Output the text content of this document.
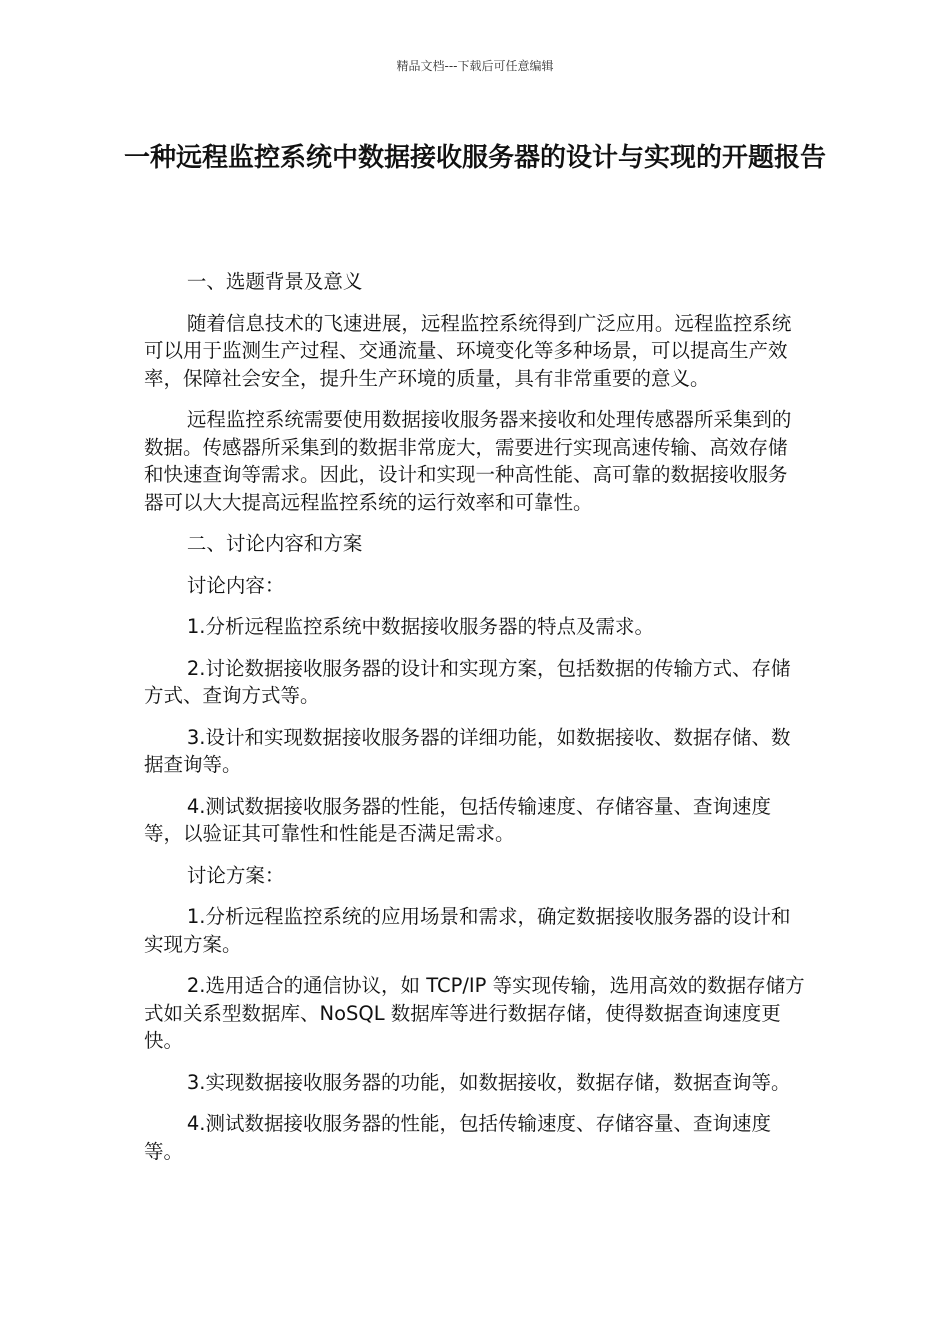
精品文档---下载后可任意编辑
一种远程监控系统中数据接收服务器的设计与实现的开题报告

一、选题背景及意义

随着信息技术的飞速进展，远程监控系统得到广泛应用。远程监控系统可以用于监测生产过程、交通流量、环境变化等多种场景，可以提高生产效率，保障社会安全，提升生产环境的质量，具有非常重要的意义。

远程监控系统需要使用数据接收服务器来接收和处理传感器所采集到的数据。传感器所采集到的数据非常庞大，需要进行实现高速传输、高效存储和快速查询等需求。因此，设计和实现一种高性能、高可靠的数据接收服务器可以大大提高远程监控系统的运行效率和可靠性。

二、讨论内容和方案

讨论内容：

1.分析远程监控系统中数据接收服务器的特点及需求。

2.讨论数据接收服务器的设计和实现方案，包括数据的传输方式、存储方式、查询方式等。

3.设计和实现数据接收服务器的详细功能，如数据接收、数据存储、数据查询等。

4.测试数据接收服务器的性能，包括传输速度、存储容量、查询速度等，以验证其可靠性和性能是否满足需求。

讨论方案：

1.分析远程监控系统的应用场景和需求，确定数据接收服务器的设计和实现方案。

2.选用适合的通信协议，如 TCP/IP 等实现传输，选用高效的数据存储方式如关系型数据库、NoSQL 数据库等进行数据存储，使得数据查询速度更快。

3.实现数据接收服务器的功能，如数据接收，数据存储，数据查询等。

4.测试数据接收服务器的性能，包括传输速度、存储容量、查询速度等。
